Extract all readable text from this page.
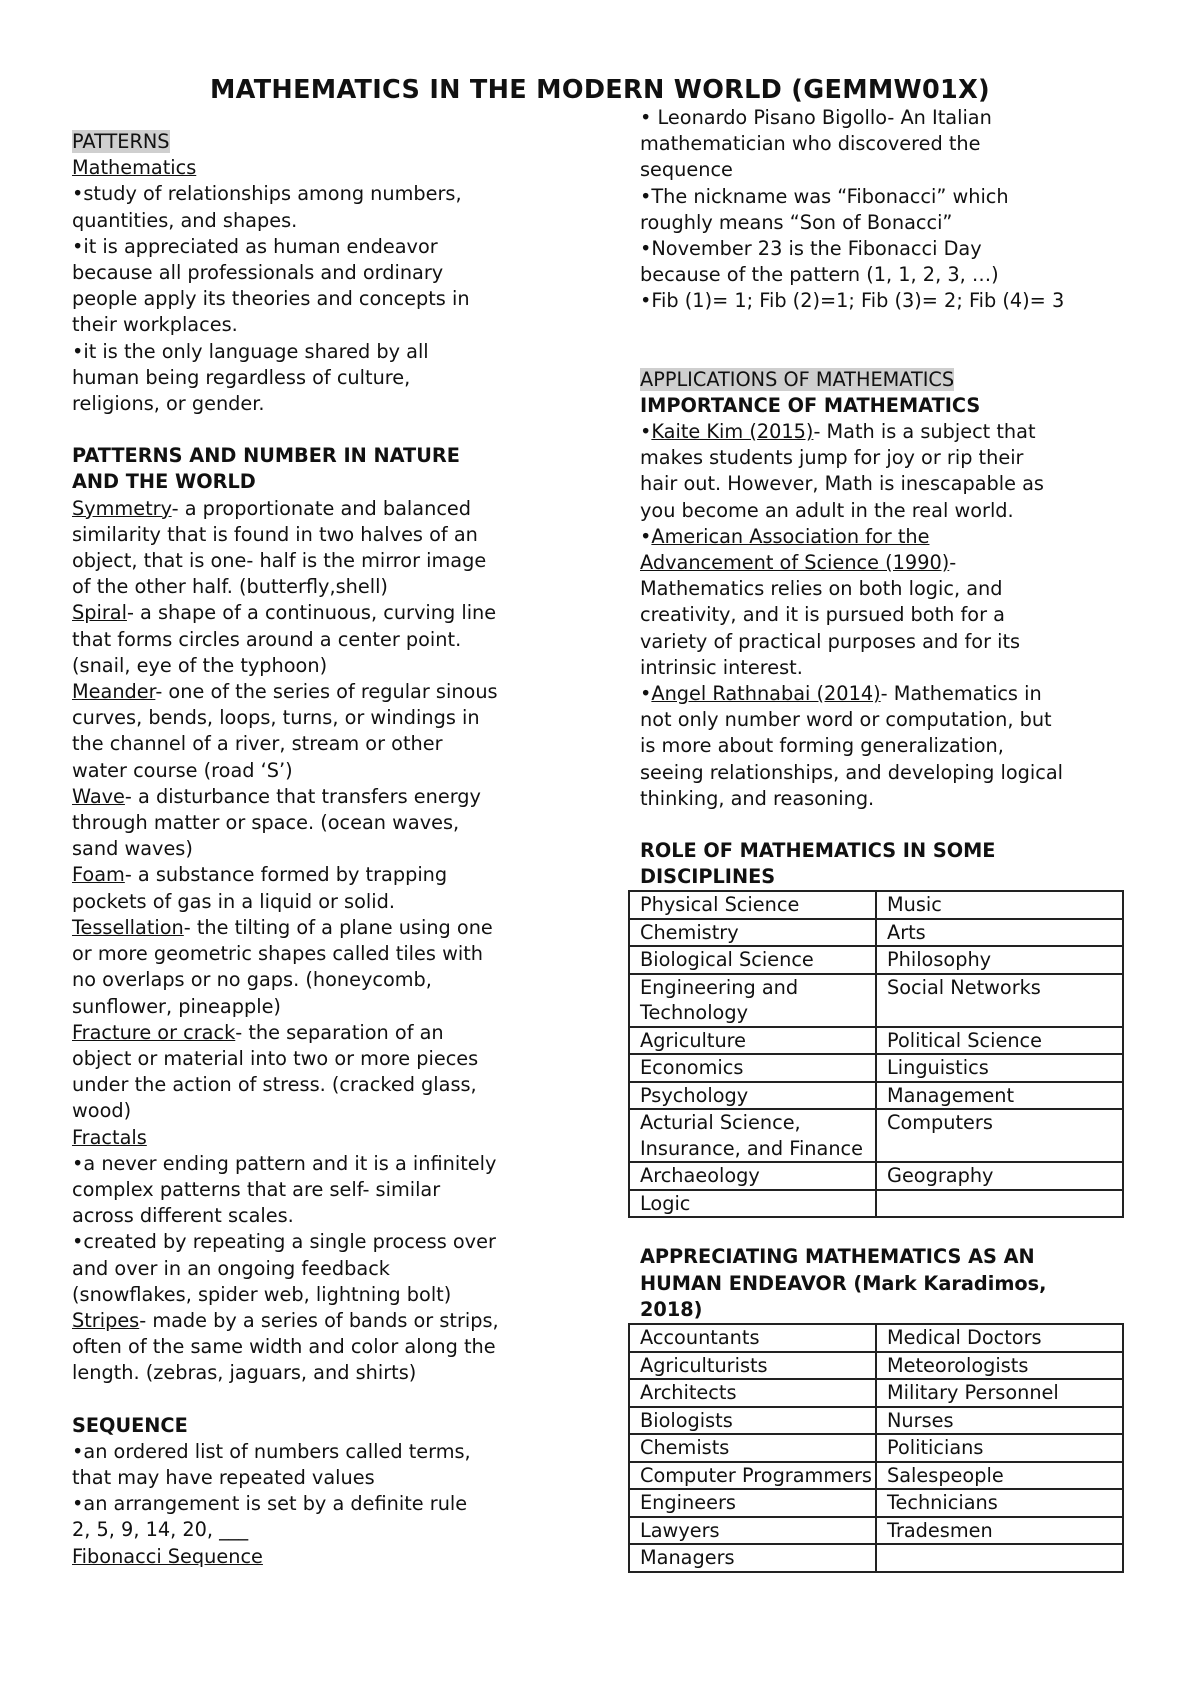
MATHEMATICS IN THE MODERN WORLD (GEMMW01X)

PATTERNS

Mathematics

•study of relationships among numbers,

quantities, and shapes.

•it is appreciated as human endeavor

because all professionals and ordinary

people apply its theories and concepts in

their workplaces.

•it is the only language shared by all

human being regardless of culture,

religions, or gender.

PATTERNS AND NUMBER IN NATURE

AND THE WORLD

Symmetry- a proportionate and balanced

similarity that is found in two halves of an

object, that is one- half is the mirror image

of the other half. (butterfly,shell)

Spiral- a shape of a continuous, curving line

that forms circles around a center point.

(snail, eye of the typhoon)

Meander- one of the series of regular sinous

curves, bends, loops, turns, or windings in

the channel of a river, stream or other

water course (road ‘S’)

Wave- a disturbance that transfers energy

through matter or space. (ocean waves,

sand waves)

Foam- a substance formed by trapping

pockets of gas in a liquid or solid.

Tessellation- the tilting of a plane using one

or more geometric shapes called tiles with

no overlaps or no gaps. (honeycomb,

sunflower, pineapple)

Fracture or crack- the separation of an

object or material into two or more pieces

under the action of stress. (cracked glass,

wood)

Fractals

•a never ending pattern and it is a infinitely

complex patterns that are self- similar

across different scales.

•created by repeating a single process over

and over in an ongoing feedback

(snowflakes, spider web, lightning bolt)

Stripes- made by a series of bands or strips,

often of the same width and color along the

length. (zebras, jaguars, and shirts)

SEQUENCE

•an ordered list of numbers called terms,

that may have repeated values

•an arrangement is set by a definite rule

2, 5, 9, 14, 20, ___

Fibonacci Sequence

• Leonardo Pisano Bigollo- An Italian

mathematician who discovered the

sequence

•The nickname was “Fibonacci” which

roughly means “Son of Bonacci”

•November 23 is the Fibonacci Day

because of the pattern (1, 1, 2, 3, …)

•Fib (1)= 1; Fib (2)=1; Fib (3)= 2; Fib (4)= 3

APPLICATIONS OF MATHEMATICS

IMPORTANCE OF MATHEMATICS

•Kaite Kim (2015)- Math is a subject that

makes students jump for joy or rip their

hair out. However, Math is inescapable as

you become an adult in the real world.

•American Association for the

Advancement of Science (1990)-

Mathematics relies on both logic, and

creativity, and it is pursued both for a

variety of practical purposes and for its

intrinsic interest.

•Angel Rathnabai (2014)- Mathematics in

not only number word or computation, but

is more about forming generalization,

seeing relationships, and developing logical

thinking, and reasoning.

ROLE OF MATHEMATICS IN SOME

DISCIPLINES

Physical Science	Music
Chemistry	Arts
Biological Science	Philosophy
Engineering and Technology	Social Networks
Agriculture	Political Science
Economics	Linguistics
Psychology	Management
Acturial Science, Insurance, and Finance	Computers
Archaeology	Geography
Logic	

APPRECIATING MATHEMATICS AS AN

HUMAN ENDEAVOR (Mark Karadimos,

2018)

Accountants	Medical Doctors
Agriculturists	Meteorologists
Architects	Military Personnel
Biologists	Nurses
Chemists	Politicians
Computer Programmers	Salespeople
Engineers	Technicians
Lawyers	Tradesmen
Managers	
